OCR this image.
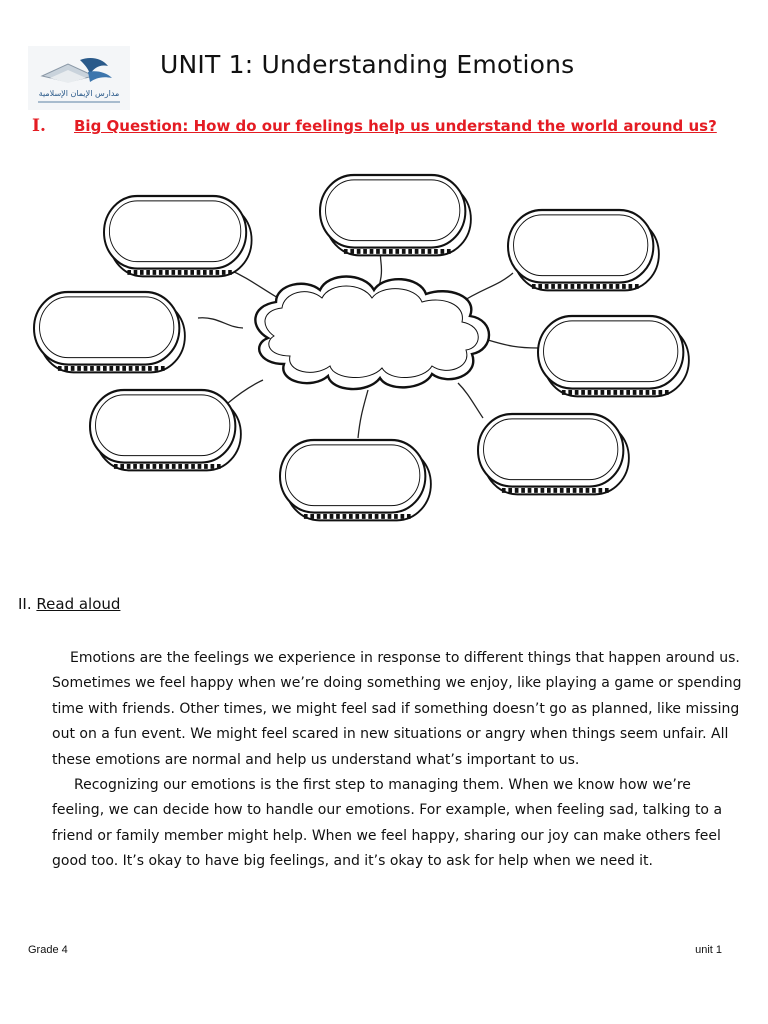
مدارس الإيمان الإسلامية
UNIT 1: Understanding Emotions
I. Big Question: How do our feelings help us understand the world around us?
II. Read aloud

Emotions are the feelings we experience in response to different things that happen around us. Sometimes we feel happy when we’re doing something we enjoy, like playing a game or spending time with friends. Other times, we might feel sad if something doesn’t go as planned, like missing out on a fun event. We might feel scared in new situations or angry when things seem unfair. All these emotions are normal and help us understand what’s important to us.

Recognizing our emotions is the first step to managing them. When we know how we’re feeling, we can decide how to handle our emotions. For example, when feeling sad, talking to a friend or family member might help. When we feel happy, sharing our joy can make others feel good too. It’s okay to have big feelings, and it’s okay to ask for help when we need it.

Grade 4	unit 1
